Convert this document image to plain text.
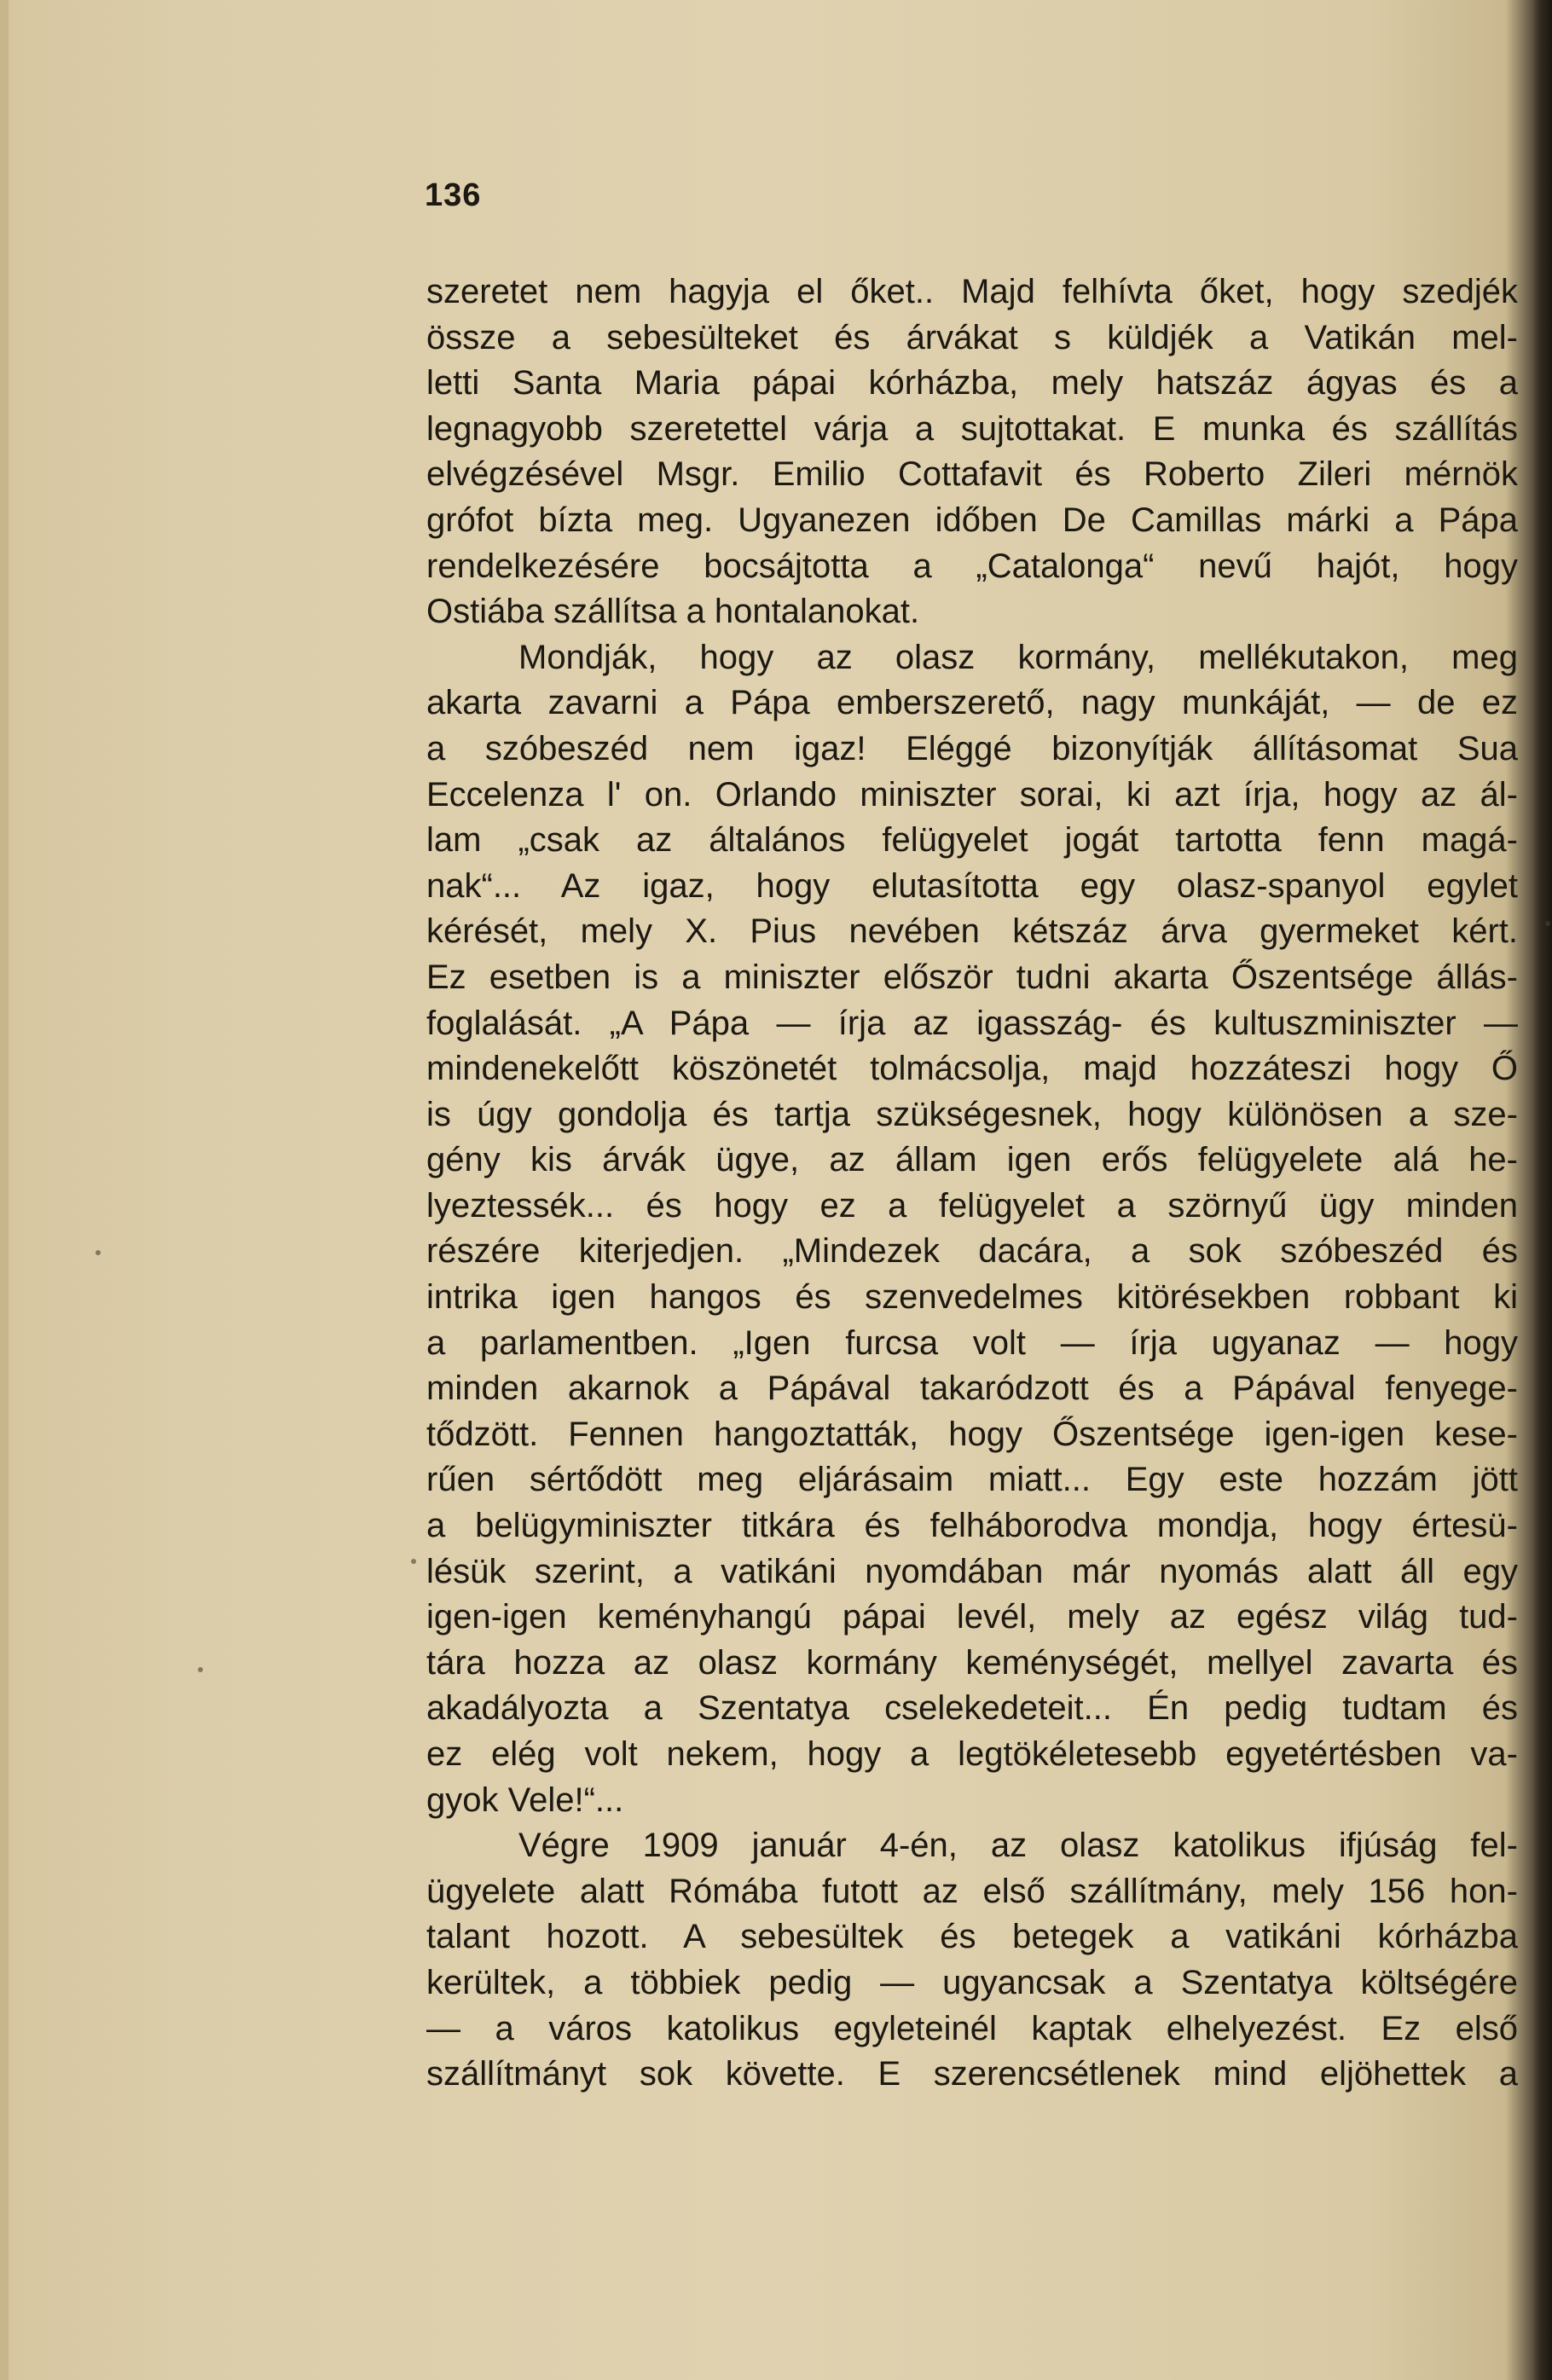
136
szeretet nem hagyja el őket.. Majd felhívta őket, hogy szedjék
össze a sebesülteket és árvákat s küldjék a Vatikán mel-
letti Santa Maria pápai kórházba, mely hatszáz ágyas és a
legnagyobb szeretettel várja a sujtottakat. E munka és szállítás
elvégzésével Msgr. Emilio Cottafavit és Roberto Zileri mérnök
grófot bízta meg. Ugyanezen időben De Camillas márki a Pápa
rendelkezésére bocsájtotta a „Catalonga“ nevű hajót, hogy
Ostiába szállítsa a hontalanokat.
Mondják, hogy az olasz kormány, mellékutakon, meg
akarta zavarni a Pápa emberszerető, nagy munkáját, — de ez
a szóbeszéd nem igaz! Eléggé bizonyítják állításomat Sua
Eccelenza l' on. Orlando miniszter sorai, ki azt írja, hogy az ál-
lam „csak az általános felügyelet jogát tartotta fenn magá-
nak“... Az igaz, hogy elutasította egy olasz-spanyol egylet
kérését, mely X. Pius nevében kétszáz árva gyermeket kért.
Ez esetben is a miniszter először tudni akarta Őszentsége állás-
foglalását. „A Pápa — írja az igasszág- és kultuszminiszter —
mindenekelőtt köszönetét tolmácsolja, majd hozzáteszi hogy Ő
is úgy gondolja és tartja szükségesnek, hogy különösen a sze-
gény kis árvák ügye, az állam igen erős felügyelete alá he-
lyeztessék... és hogy ez a felügyelet a szörnyű ügy minden
részére kiterjedjen. „Mindezek dacára, a sok szóbeszéd és
intrika igen hangos és szenvedelmes kitörésekben robbant ki
a parlamentben. „Igen furcsa volt — írja ugyanaz — hogy
minden akarnok a Pápával takaródzott és a Pápával fenyege-
tődzött. Fennen hangoztatták, hogy Őszentsége igen-igen kese-
rűen sértődött meg eljárásaim miatt... Egy este hozzám jött
a belügyminiszter titkára és felháborodva mondja, hogy értesü-
lésük szerint, a vatikáni nyomdában már nyomás alatt áll egy
igen-igen keményhangú pápai levél, mely az egész világ tud-
tára hozza az olasz kormány keménységét, mellyel zavarta és
akadályozta a Szentatya cselekedeteit... Én pedig tudtam és
ez elég volt nekem, hogy a legtökéletesebb egyetértésben va-
gyok Vele!“...
Végre 1909 január 4-én, az olasz katolikus ifjúság fel-
ügyelete alatt Rómába futott az első szállítmány, mely 156 hon-
talant hozott. A sebesültek és betegek a vatikáni kórházba
kerültek, a többiek pedig — ugyancsak a Szentatya költségére
— a város katolikus egyleteinél kaptak elhelyezést. Ez első
szállítmányt sok követte. E szerencsétlenek mind eljöhettek a
